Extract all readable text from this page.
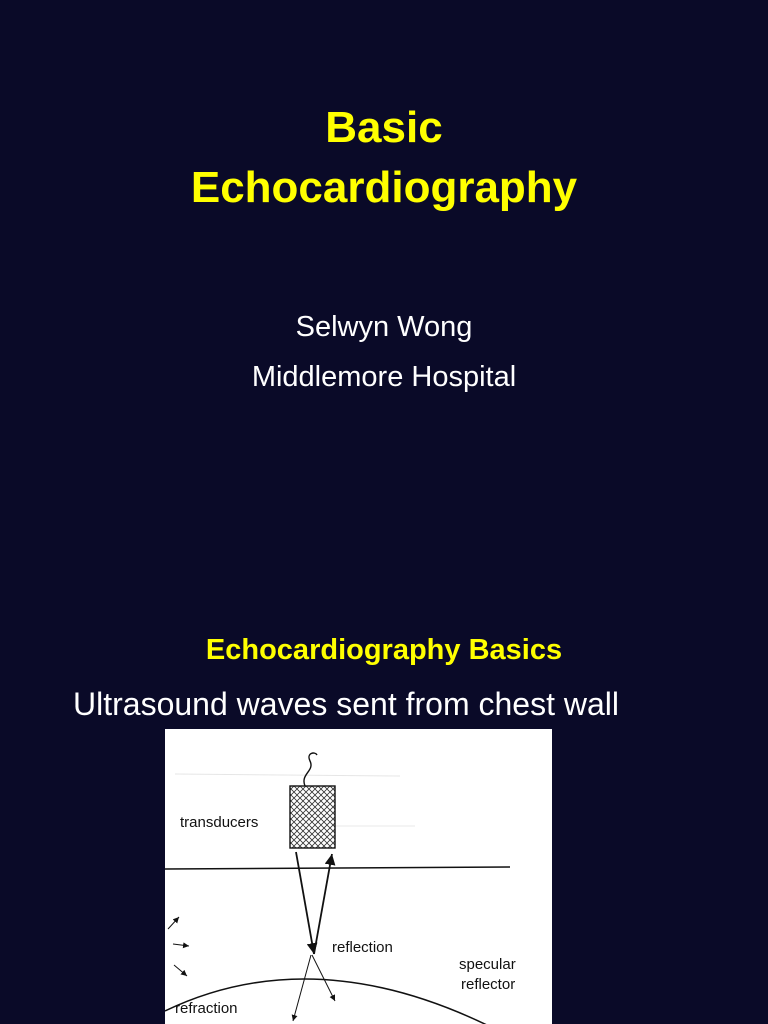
Basic
Echocardiography
Selwyn Wong
Middlemore Hospital
Echocardiography Basics
Ultrasound waves sent from chest wall
transducers
reflection
specular
reflector
refraction
